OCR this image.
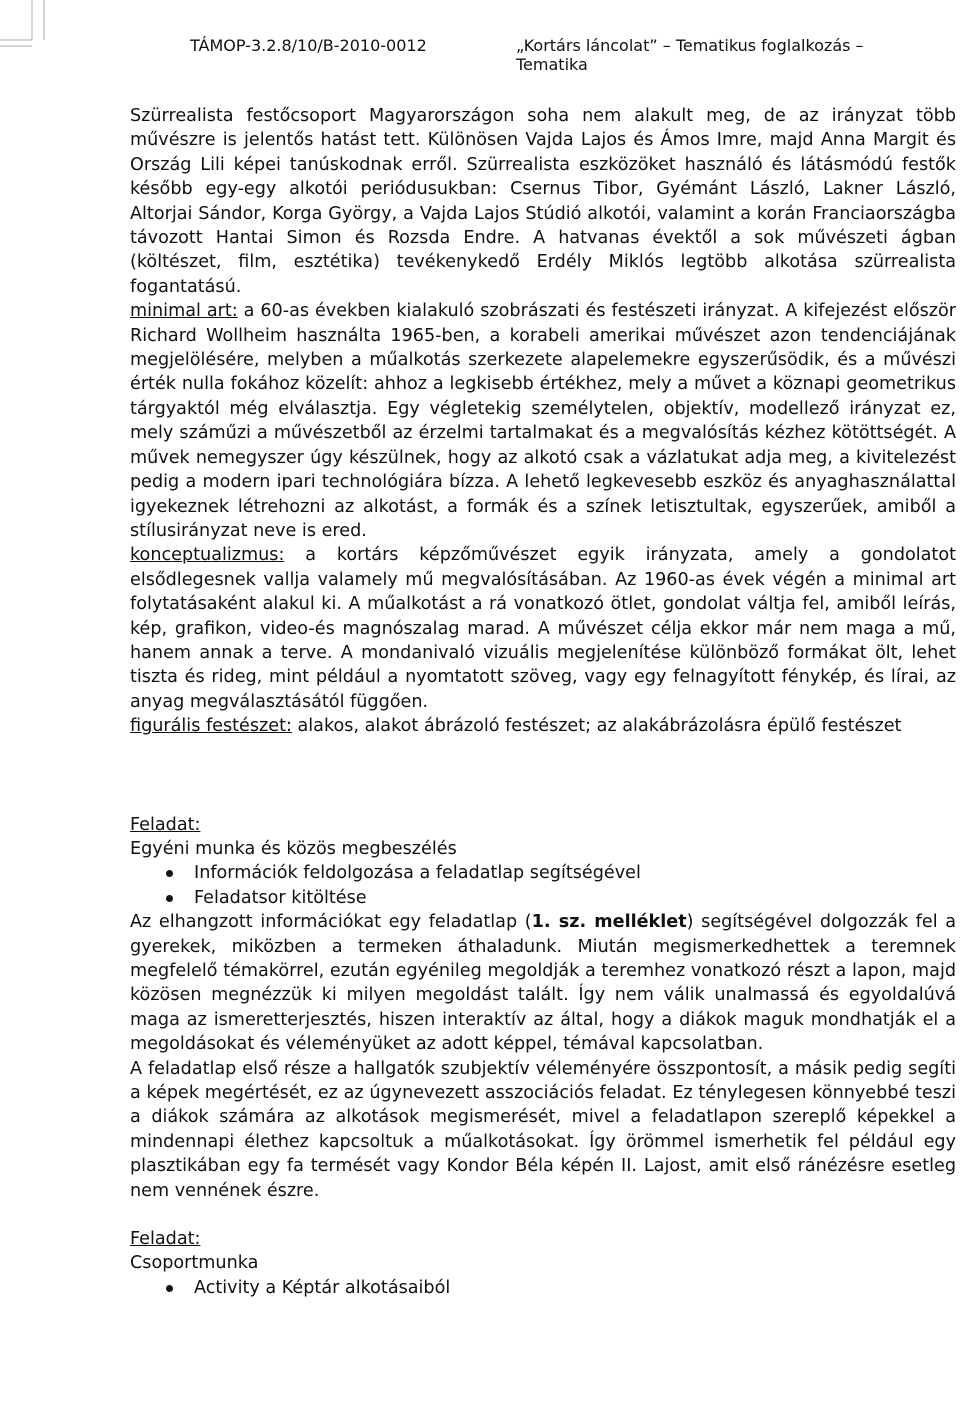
TÁMOP-3.2.8/10/B-2010-0012	„Kortárs láncolat” – Tematikus foglalkozás –
Tematika

Szürrealista festőcsoport Magyarországon soha nem alakult meg, de az irányzat több művészre is jelentős hatást tett. Különösen Vajda Lajos és Ámos Imre, majd Anna Margit és Ország Lili képei tanúskodnak erről. Szürrealista eszközöket használó és látásmódú festők később egy-egy alkotói periódusukban: Csernus Tibor, Gyémánt László, Lakner László, Altorjai Sándor, Korga György, a Vajda Lajos Stúdió alkotói, valamint a korán Franciaországba távozott Hantai Simon és Rozsda Endre. A hatvanas évektől a sok művészeti ágban (költészet, film, esztétika) tevékenykedő Erdély Miklós legtöbb alkotása szürrealista fogantatású.

minimal art: a 60-as években kialakuló szobrászati és festészeti irányzat. A kifejezést először Richard Wollheim használta 1965-ben, a korabeli amerikai művészet azon tendenciájának megjelölésére, melyben a műalkotás szerkezete alapelemekre egyszerűsödik, és a művészi érték nulla fokához közelít: ahhoz a legkisebb értékhez, mely a művet a köznapi geometrikus tárgyaktól még elválasztja. Egy végletekig személytelen, objektív, modellező irányzat ez, mely száműzi a művészetből az érzelmi tartalmakat és a megvalósítás kézhez kötöttségét. A művek nemegyszer úgy készülnek, hogy az alkotó csak a vázlatukat adja meg, a kivitelezést pedig a modern ipari technológiára bízza. A lehető legkevesebb eszköz és anyaghasználattal igyekeznek létrehozni az alkotást, a formák és a színek letisztultak, egyszerűek, amiből a stílusirányzat neve is ered.

konceptualizmus: a kortárs képzőművészet egyik irányzata, amely a gondolatot elsődlegesnek vallja valamely mű megvalósításában. Az 1960-as évek végén a minimal art folytatásaként alakul ki. A műalkotást a rá vonatkozó ötlet, gondolat váltja fel, amiből leírás, kép, grafikon, video-és magnószalag marad. A művészet célja ekkor már nem maga a mű, hanem annak a terve. A mondanivaló vizuális megjelenítése különböző formákat ölt, lehet tiszta és rideg, mint például a nyomtatott szöveg, vagy egy felnagyított fénykép, és lírai, az anyag megválasztásától függően.

figurális festészet: alakos, alakot ábrázoló festészet; az alakábrázolásra épülő festészet

Feladat:

Egyéni munka és közös megbeszélés

Információk feldolgozása a feladatlap segítségével
Feladatsor kitöltése

Az elhangzott információkat egy feladatlap (1. sz. melléklet) segítségével dolgozzák fel a gyerekek, miközben a termeken áthaladunk. Miután megismerkedhettek a teremnek megfelelő témakörrel, ezután egyénileg megoldják a teremhez vonatkozó részt a lapon, majd közösen megnézzük ki milyen megoldást talált. Így nem válik unalmassá és egyoldalúvá maga az ismeretterjesztés, hiszen interaktív az által, hogy a diákok maguk mondhatják el a megoldásokat és véleményüket az adott képpel, témával kapcsolatban.

A feladatlap első része a hallgatók szubjektív véleményére összpontosít, a másik pedig segíti a képek megértését, ez az úgynevezett asszociációs feladat. Ez ténylegesen könnyebbé teszi a diákok számára az alkotások megismerését, mivel a feladatlapon szereplő képekkel a mindennapi élethez kapcsoltuk a műalkotásokat. Így örömmel ismerhetik fel például egy plasztikában egy fa termését vagy Kondor Béla képén II. Lajost, amit első ránézésre esetleg nem vennének észre.

Feladat:

Csoportmunka

Activity a Képtár alkotásaiból
